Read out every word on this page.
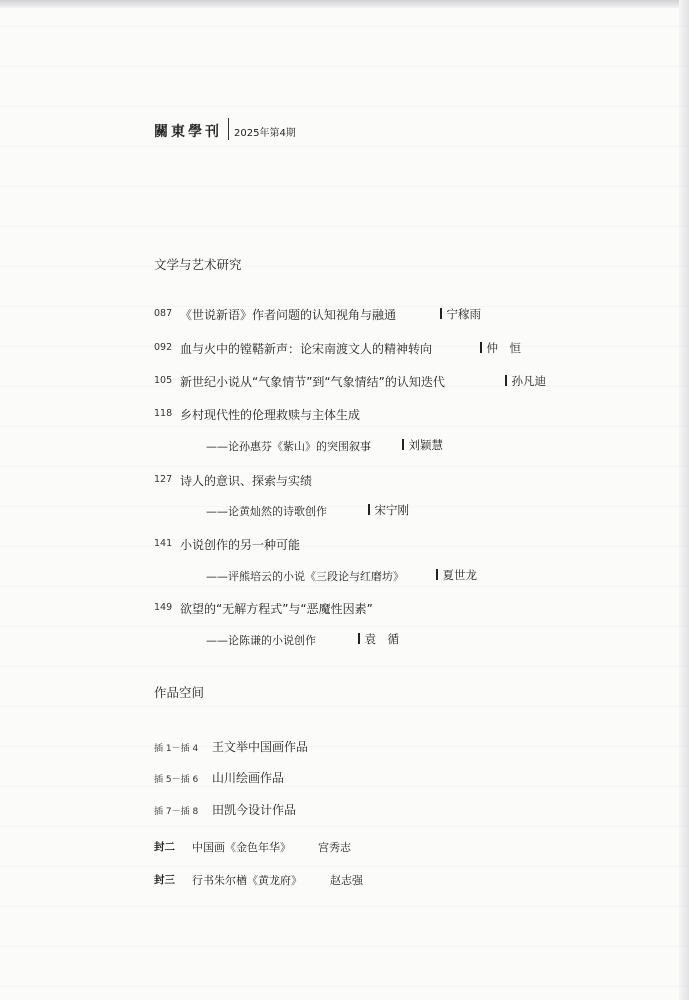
關東學刊 2025年第4期
文学与艺术研究
087 《世说新语》作者问题的认知视角与融通	宁稼雨
092 血与火中的镗鞳新声：论宋南渡文人的精神转向	仲　恒
105 新世纪小说从“气象情节”到“气象情结”的认知迭代	孙凡迪
118 乡村现代性的伦理救赎与主体生成
——论孙惠芬《紫山》的突围叙事	刘颖慧
127 诗人的意识、探索与实绩
——论黄灿然的诗歌创作	宋宁刚
141 小说创作的另一种可能
——评熊培云的小说《三段论与红磨坊》	夏世龙
149 欲望的“无解方程式”与“恶魔性因素”
——论陈谦的小说创作	袁　循
作品空间
插 1－插 4 王文举中国画作品
插 5－插 6 山川绘画作品
插 7－插 8 田凯今设计作品
封二 中国画《金色年华》 宫秀志
封三 行书朱尔楢《黄龙府》	赵志强
